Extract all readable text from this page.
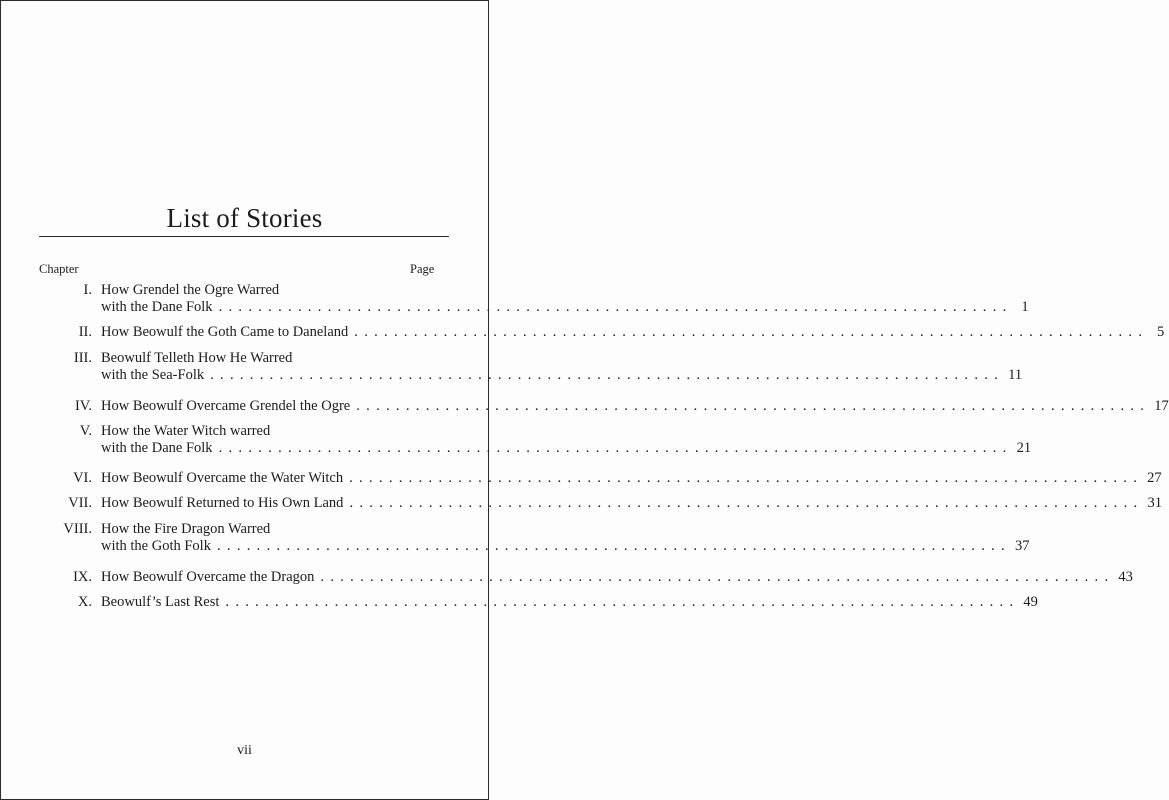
List of Stories
Chapter	Page
I. How Grendel the Ogre Warred
with the Dane Folk ................................................................................ 1
II. How Beowulf the Goth Came to Daneland ................................................................................ 5
III. Beowulf Telleth How He Warred
with the Sea-Folk ................................................................................ 11
IV. How Beowulf Overcame Grendel the Ogre ................................................................................ 17
V. How the Water Witch warred
with the Dane Folk ................................................................................ 21
VI. How Beowulf Overcame the Water Witch ................................................................................ 27
VII. How Beowulf Returned to His Own Land ................................................................................ 31
VIII. How the Fire Dragon Warred
with the Goth Folk ................................................................................ 37
IX. How Beowulf Overcame the Dragon ................................................................................ 43
X. Beowulf’s Last Rest ................................................................................ 49
vii
